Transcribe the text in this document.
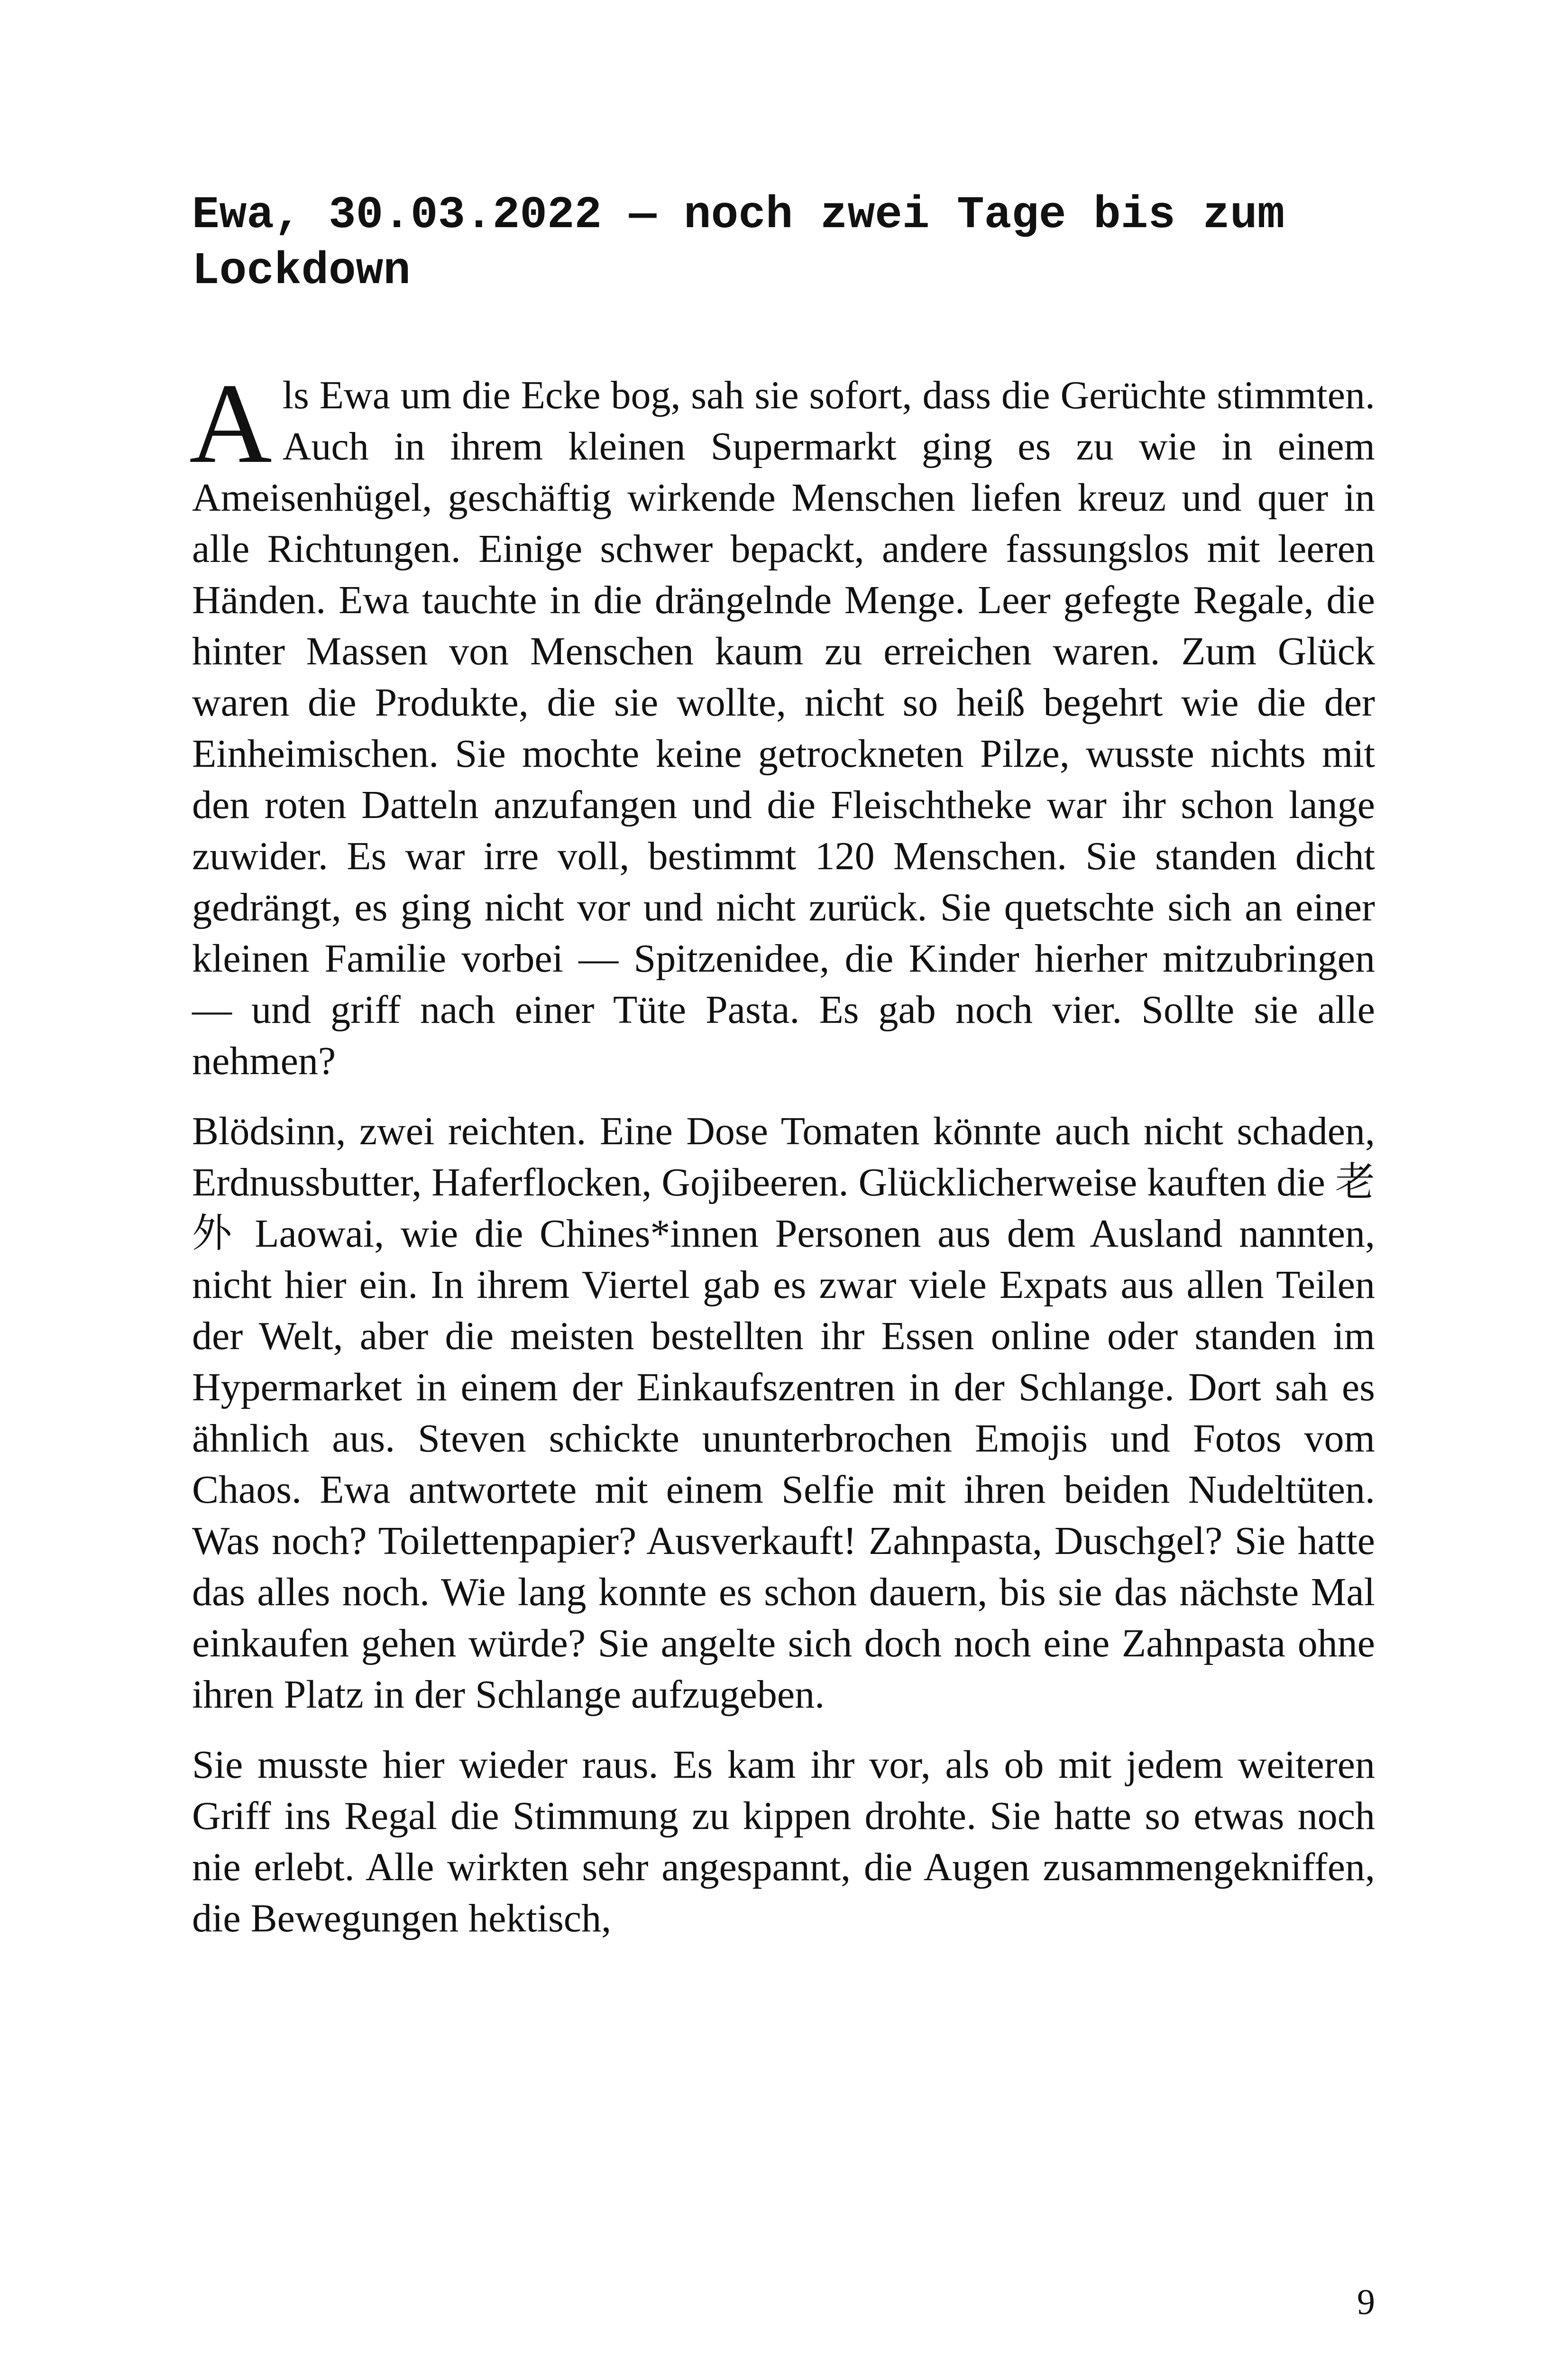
Ewa, 30.03.2022 — noch zwei Tage bis zum Lockdown

Als Ewa um die Ecke bog, sah sie sofort, dass die Gerüchte stimmten. Auch in ihrem kleinen Supermarkt ging es zu wie in einem Ameisenhügel, geschäftig wirkende Menschen liefen kreuz und quer in alle Richtungen. Einige schwer bepackt, andere fassungslos mit leeren Händen. Ewa tauchte in die drängelnde Menge. Leer gefegte Regale, die hinter Massen von Menschen kaum zu erreichen waren. Zum Glück waren die Produkte, die sie wollte, nicht so heiß begehrt wie die der Einheimischen. Sie mochte keine getrockneten Pilze, wusste nichts mit den roten Datteln anzufangen und die Fleischtheke war ihr schon lange zuwider. Es war irre voll, bestimmt 120 Menschen. Sie standen dicht gedrängt, es ging nicht vor und nicht zurück. Sie quetschte sich an einer kleinen Familie vorbei — Spitzenidee, die Kinder hierher mitzubringen — und griff nach einer Tüte Pasta. Es gab noch vier. Sollte sie alle nehmen?

Blödsinn, zwei reichten. Eine Dose Tomaten könnte auch nicht schaden, Erdnussbutter, Haferflocken, Gojibeeren. Glücklicherweise kauften die 老外 Laowai, wie die Chines*innen Personen aus dem Ausland nannten, nicht hier ein. In ihrem Viertel gab es zwar viele Expats aus allen Teilen der Welt, aber die meisten bestellten ihr Essen online oder standen im Hypermarket in einem der Einkaufszentren in der Schlange. Dort sah es ähnlich aus. Steven schickte ununterbrochen Emojis und Fotos vom Chaos. Ewa antwortete mit einem Selfie mit ihren beiden Nudeltüten. Was noch? Toilettenpapier? Ausverkauft! Zahnpasta, Duschgel? Sie hatte das alles noch. Wie lang konnte es schon dauern, bis sie das nächste Mal einkaufen gehen würde? Sie angelte sich doch noch eine Zahnpasta ohne ihren Platz in der Schlange aufzugeben.

Sie musste hier wieder raus. Es kam ihr vor, als ob mit jedem weiteren Griff ins Regal die Stimmung zu kippen drohte. Sie hatte so etwas noch nie erlebt. Alle wirkten sehr angespannt, die Augen zusammengekniffen, die Bewegungen hektisch,

9
